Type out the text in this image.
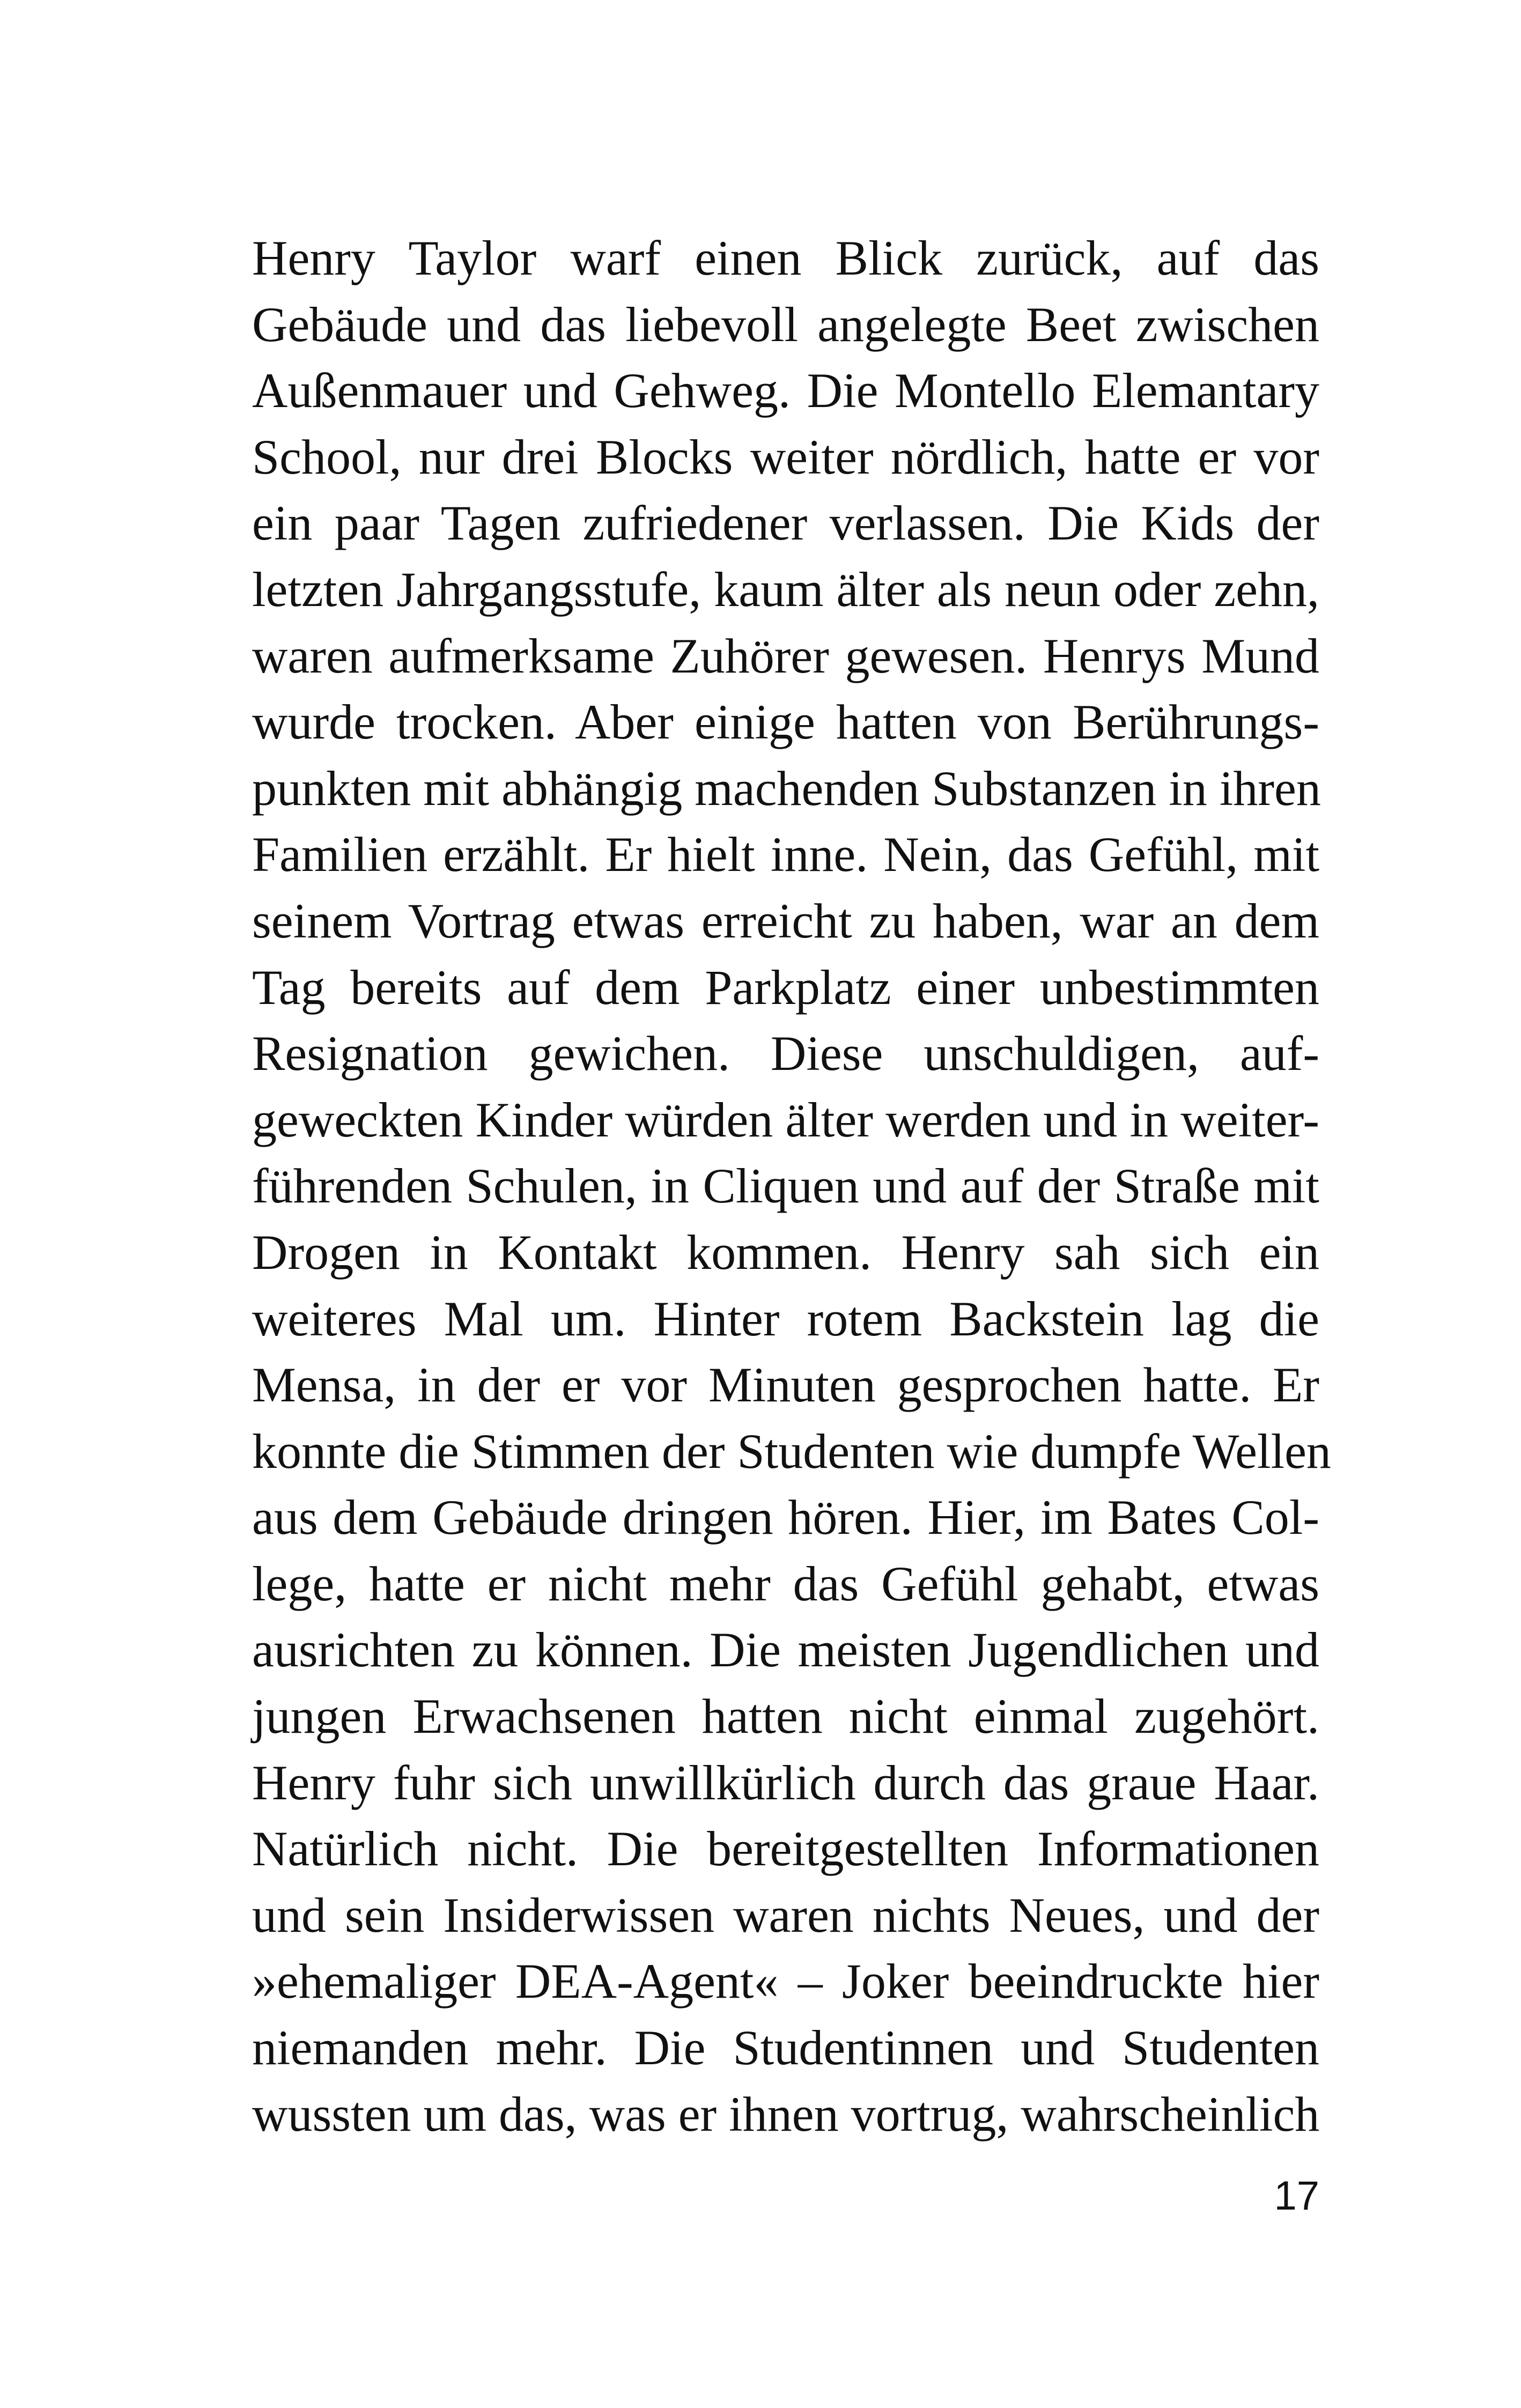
Henry Taylor warf einen Blick zurück, auf das
Gebäude und das liebevoll angelegte Beet zwischen
Außenmauer und Gehweg. Die Montello Elemantary
School, nur drei Blocks weiter nördlich, hatte er vor
ein paar Tagen zufriedener verlassen. Die Kids der
letzten Jahrgangsstufe, kaum älter als neun oder zehn,
waren aufmerksame Zuhörer gewesen. Henrys Mund
wurde trocken. Aber einige hatten von Berührungs-
punkten mit abhängig machenden Substanzen in ihren
Familien erzählt. Er hielt inne. Nein, das Gefühl, mit
seinem Vortrag etwas erreicht zu haben, war an dem
Tag bereits auf dem Parkplatz einer unbestimmten
Resignation gewichen. Diese unschuldigen, auf-
geweckten Kinder würden älter werden und in weiter-
führenden Schulen, in Cliquen und auf der Straße mit
Drogen in Kontakt kommen. Henry sah sich ein
weiteres Mal um. Hinter rotem Backstein lag die
Mensa, in der er vor Minuten gesprochen hatte. Er
konnte die Stimmen der Studenten wie dumpfe Wellen
aus dem Gebäude dringen hören. Hier, im Bates Col-
lege, hatte er nicht mehr das Gefühl gehabt, etwas
ausrichten zu können. Die meisten Jugendlichen und
jungen Erwachsenen hatten nicht einmal zugehört.
Henry fuhr sich unwillkürlich durch das graue Haar.
Natürlich nicht. Die bereitgestellten Informationen
und sein Insiderwissen waren nichts Neues, und der
»ehemaliger DEA-Agent« – Joker beeindruckte hier
niemanden mehr. Die Studentinnen und Studenten
wussten um das, was er ihnen vortrug, wahrscheinlich
17
